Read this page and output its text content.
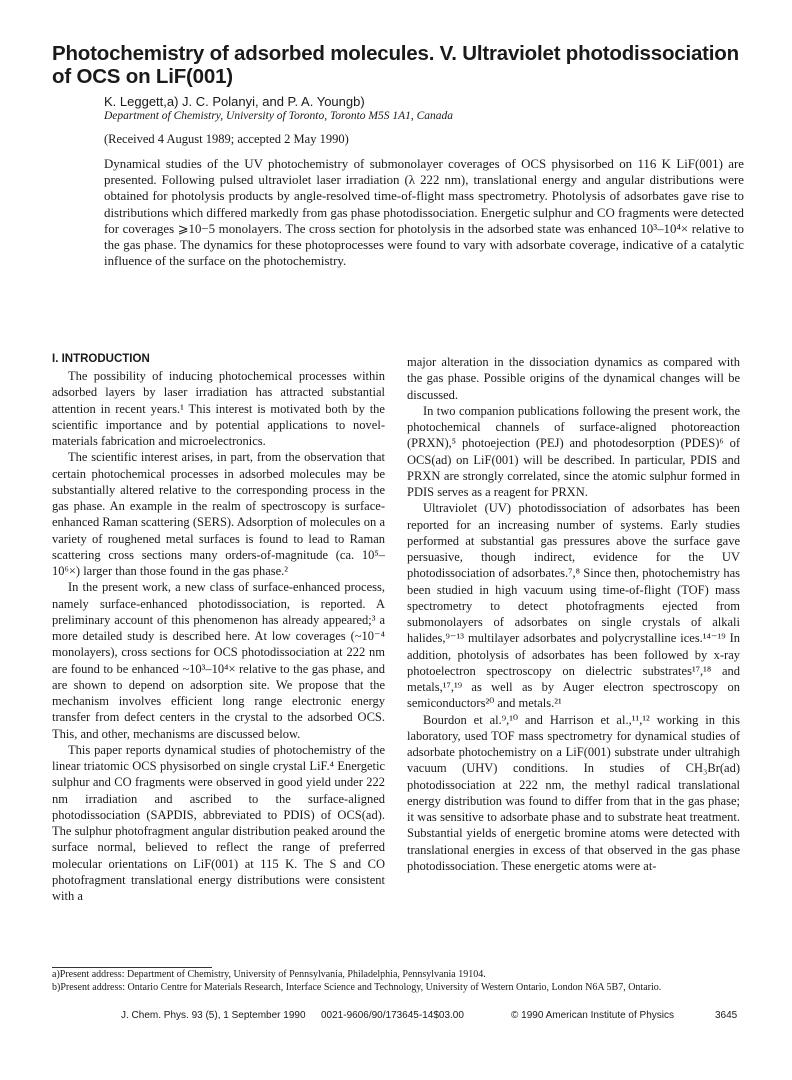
Photochemistry of adsorbed molecules. V. Ultraviolet photodissociation of OCS on LiF(001)
K. Leggett,a) J. C. Polanyi, and P. A. Youngb)
Department of Chemistry, University of Toronto, Toronto M5S 1A1, Canada
(Received 4 August 1989; accepted 2 May 1990)

Dynamical studies of the UV photochemistry of submonolayer coverages of OCS physisorbed on 116 K LiF(001) are presented. Following pulsed ultraviolet laser irradiation (λ 222 nm), translational energy and angular distributions were obtained for photolysis products by angle-resolved time-of-flight mass spectrometry. Photolysis of adsorbates gave rise to distributions which differed markedly from gas phase photodissociation. Energetic sulphur and CO fragments were detected for coverages ⩾10−5 monolayers. The cross section for photolysis in the adsorbed state was enhanced 10³–10⁴× relative to the gas phase. The dynamics for these photoprocesses were found to vary with adsorbate coverage, indicative of a catalytic influence of the surface on the photochemistry.

I. INTRODUCTION

The possibility of inducing photochemical processes within adsorbed layers by laser irradiation has attracted substantial attention in recent years.¹ This interest is motivated both by the scientific importance and by potential applications to novel-materials fabrication and microelectronics.

The scientific interest arises, in part, from the observation that certain photochemical processes in adsorbed molecules may be substantially altered relative to the corresponding process in the gas phase. An example in the realm of spectroscopy is surface-enhanced Raman scattering (SERS). Adsorption of molecules on a variety of roughened metal surfaces is found to lead to Raman scattering cross sections many orders-of-magnitude (ca. 10⁵–10⁶×) larger than those found in the gas phase.²

In the present work, a new class of surface-enhanced process, namely surface-enhanced photodissociation, is reported. A preliminary account of this phenomenon has already appeared;³ a more detailed study is described here. At low coverages (~10⁻⁴ monolayers), cross sections for OCS photodissociation at 222 nm are found to be enhanced ~10³–10⁴× relative to the gas phase, and are shown to depend on adsorption site. We propose that the mechanism involves efficient long range electronic energy transfer from defect centers in the crystal to the adsorbed OCS. This, and other, mechanisms are discussed below.

This paper reports dynamical studies of photochemistry of the linear triatomic OCS physisorbed on single crystal LiF.⁴ Energetic sulphur and CO fragments were observed in good yield under 222 nm irradiation and ascribed to the surface-aligned photodissociation (SAPDIS, abbreviated to PDIS) of OCS(ad). The sulphur photofragment angular distribution peaked around the surface normal, believed to reflect the range of preferred molecular orientations on LiF(001) at 115 K. The S and CO photofragment translational energy distributions were consistent with a

major alteration in the dissociation dynamics as compared with the gas phase. Possible origins of the dynamical changes will be discussed.

In two companion publications following the present work, the photochemical channels of surface-aligned photoreaction (PRXN),⁵ photoejection (PEJ) and photodesorption (PDES)⁶ of OCS(ad) on LiF(001) will be described. In particular, PDIS and PRXN are strongly correlated, since the atomic sulphur formed in PDIS serves as a reagent for PRXN.

Ultraviolet (UV) photodissociation of adsorbates has been reported for an increasing number of systems. Early studies performed at substantial gas pressures above the surface gave persuasive, though indirect, evidence for the UV photodissociation of adsorbates.⁷,⁸ Since then, photochemistry has been studied in high vacuum using time-of-flight (TOF) mass spectrometry to detect photofragments ejected from submonolayers of adsorbates on single crystals of alkali halides,⁹⁻¹³ multilayer adsorbates and polycrystalline ices.¹⁴⁻¹⁹ In addition, photolysis of adsorbates has been followed by x-ray photoelectron spectroscopy on dielectric substrates¹⁷,¹⁸ and metals,¹⁷,¹⁹ as well as by Auger electron spectroscopy on semiconductors²⁰ and metals.²¹

Bourdon et al.⁹,¹⁰ and Harrison et al.,¹¹,¹² working in this laboratory, used TOF mass spectrometry for dynamical studies of adsorbate photochemistry on a LiF(001) substrate under ultrahigh vacuum (UHV) conditions. In studies of CH₃Br(ad) photodissociation at 222 nm, the methyl radical translational energy distribution was found to differ from that in the gas phase; it was sensitive to adsorbate phase and to substrate heat treatment. Substantial yields of energetic bromine atoms were detected with translational energies in excess of that observed in the gas phase photodissociation. These energetic atoms were at-

a)Present address: Department of Chemistry, University of Pennsylvania, Philadelphia, Pennsylvania 19104.
b)Present address: Ontario Centre for Materials Research, Interface Science and Technology, University of Western Ontario, London N6A 5B7, Ontario.
J. Chem. Phys. 93 (5), 1 September 1990 0021-9606/90/173645-14$03.00	© 1990 American Institute of Physics	3645
